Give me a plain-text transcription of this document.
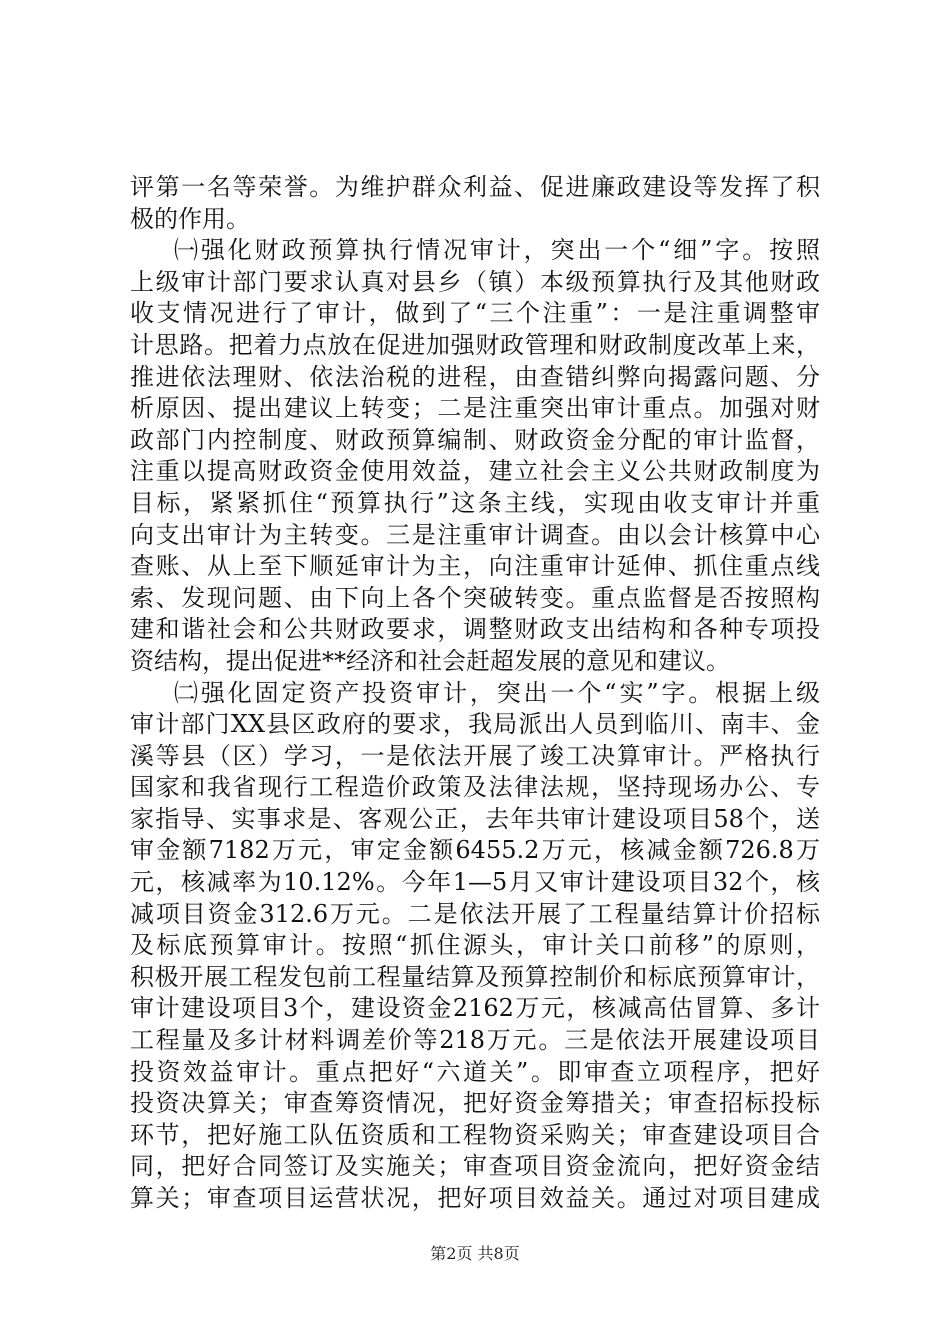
评第一名等荣誉。为维护群众利益、促进廉政建设等发挥了积
极的作用。
㈠强化财政预算执行情况审计，突出一个“细”字。按照
上级审计部门要求认真对县乡（镇）本级预算执行及其他财政
收支情况进行了审计，做到了“三个注重”：一是注重调整审
计思路。把着力点放在促进加强财政管理和财政制度改革上来，
推进依法理财、依法治税的进程，由查错纠弊向揭露问题、分
析原因、提出建议上转变；二是注重突出审计重点。加强对财
政部门内控制度、财政预算编制、财政资金分配的审计监督，
注重以提高财政资金使用效益，建立社会主义公共财政制度为
目标，紧紧抓住“预算执行”这条主线，实现由收支审计并重
向支出审计为主转变。三是注重审计调查。由以会计核算中心
查账、从上至下顺延审计为主，向注重审计延伸、抓住重点线
索、发现问题、由下向上各个突破转变。重点监督是否按照构
建和谐社会和公共财政要求，调整财政支出结构和各种专项投
资结构，提出促进**经济和社会赶超发展的意见和建议。
㈡强化固定资产投资审计，突出一个“实”字。根据上级
审计部门XX县区政府的要求，我局派出人员到临川、南丰、金
溪等县（区）学习，一是依法开展了竣工决算审计。严格执行
国家和我省现行工程造价政策及法律法规，坚持现场办公、专
家指导、实事求是、客观公正，去年共审计建设项目58个，送
审金额7182万元，审定金额6455.2万元，核减金额726.8万
元，核减率为10.12%。今年1—5月又审计建设项目32个，核
减项目资金312.6万元。二是依法开展了工程量结算计价招标
及标底预算审计。按照“抓住源头，审计关口前移”的原则，
积极开展工程发包前工程量结算及预算控制价和标底预算审计，
审计建设项目3个，建设资金2162万元，核减高估冒算、多计
工程量及多计材料调差价等218万元。三是依法开展建设项目
投资效益审计。重点把好“六道关”。即审查立项程序，把好
投资决算关；审查筹资情况，把好资金筹措关；审查招标投标
环节，把好施工队伍资质和工程物资采购关；审查建设项目合
同，把好合同签订及实施关；审查项目资金流向，把好资金结
算关；审查项目运营状况，把好项目效益关。通过对项目建成
第2页 共8页
